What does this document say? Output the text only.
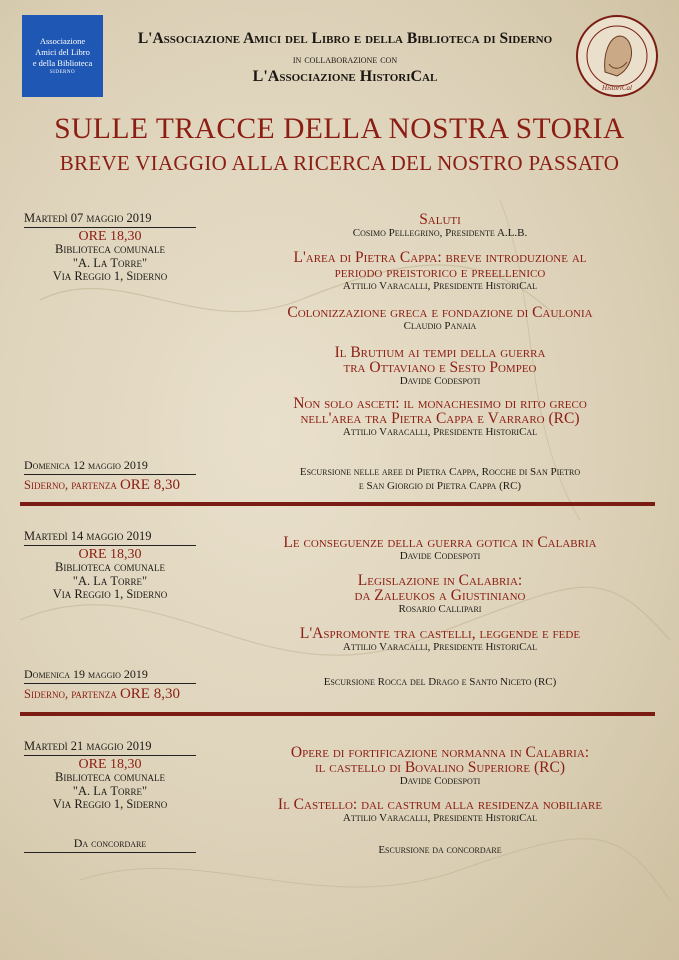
Associazione
Amici del Libro
e della Biblioteca
SIDERNO
HistoriCal
L'Associazione Amici del Libro e della Biblioteca di Siderno
in collaborazione con
L'Associazione HistoriCal
SULLE TRACCE DELLA NOSTRA STORIA
BREVE VIAGGIO ALLA RICERCA DEL NOSTRO PASSATO
Martedì 07 maggio 2019
ORE 18,30
Biblioteca comunale
"A. La Torre"
Via Reggio 1, Siderno
Saluti
Cosimo Pellegrino, Presidente A.L.B.
L'area di Pietra Cappa: breve introduzione al
periodo preistorico e preellenico
Attilio Varacalli, Presidente HistoriCal
Colonizzazione greca e fondazione di Caulonia
Claudio Panaia
Il Brutium ai tempi della guerra
tra Ottaviano e Sesto Pompeo
Davide Codespoti
Non solo asceti: il monachesimo di rito greco
nell'area tra Pietra Cappa e Varraro (RC)
Attilio Varacalli, Presidente HistoriCal
Domenica 12 maggio 2019
Siderno, partenza ORE 8,30
Escursione nelle aree di Pietra Cappa, Rocche di San Pietro
e San Giorgio di Pietra Cappa (RC)
Martedì 14 maggio 2019
ORE 18,30
Biblioteca comunale
"A. La Torre"
Via Reggio 1, Siderno
Le conseguenze della guerra gotica in Calabria
Davide Codespoti
Legislazione in Calabria:
da Zaleukos a Giustiniano
Rosario Callipari
L'Aspromonte tra castelli, leggende e fede
Attilio Varacalli, Presidente HistoriCal
Domenica 19 maggio 2019
Siderno, partenza ORE 8,30
Escursione Rocca del Drago e Santo Niceto (RC)
Martedì 21 maggio 2019
ORE 18,30
Biblioteca comunale
"A. La Torre"
Via Reggio 1, Siderno
Opere di fortificazione normanna in Calabria:
il castello di Bovalino Superiore (RC)
Davide Codespoti
Il Castello: dal castrum alla residenza nobiliare
Attilio Varacalli, Presidente HistoriCal
Da concordare	Escursione da concordare
